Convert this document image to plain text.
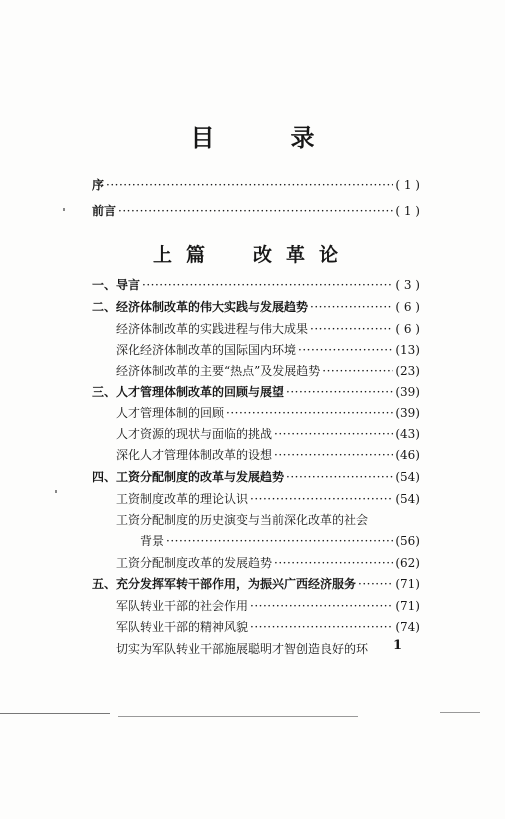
目　录
序 ·····	( 1 )
前言 ·····	( 1 )
上篇 改革论
一、导言 ·····	( 3 )
二、经济体制改革的伟大实践与发展趋势 ·····	( 6 )
经济体制改革的实践进程与伟大成果 ·····	( 6 )
深化经济体制改革的国际国内环境 ·····	(13)
经济体制改革的主要“热点”及发展趋势 ·····	(23)
三、人才管理体制改革的回顾与展望 ·····	(39)
人才管理体制的回顾 ·····	(39)
人才资源的现状与面临的挑战 ·····	(43)
深化人才管理体制改革的设想 ·····	(46)
四、工资分配制度的改革与发展趋势 ·····	(54)
工资制度改革的理论认识 ·····	(54)
工资分配制度的历史演变与当前深化改革的社会
背景 ·····	(56)
工资分配制度改革的发展趋势 ·····	(62)
五、充分发挥军转干部作用，为振兴广西经济服务 ·····	(71)
军队转业干部的社会作用 ·····	(71)
军队转业干部的精神风貌 ·····	(74)
切实为军队转业干部施展聪明才智创造良好的环 1
